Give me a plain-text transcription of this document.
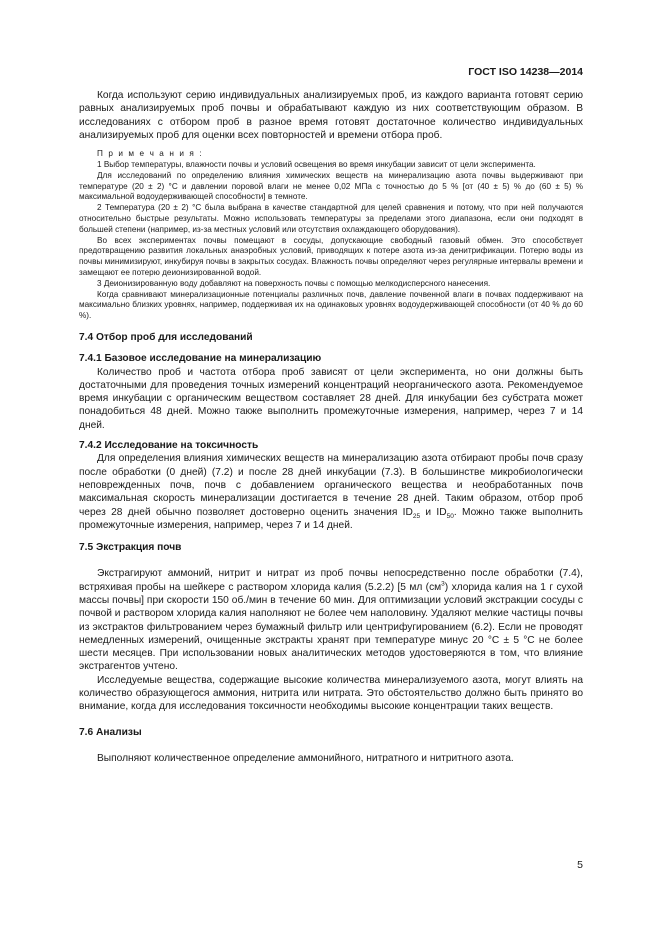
ГОСТ ISO 14238—2014

Когда используют серию индивидуальных анализируемых проб, из каждого варианта готовят серию равных анализируемых проб почвы и обрабатывают каждую из них соответствующим образом. В исследованиях с отбором проб в разное время готовят достаточное количество индивидуальных анализируемых проб для оценки всех повторностей и времени отбора проб.

П р и м е ч а н и я :

1 Выбор температуры, влажности почвы и условий освещения во время инкубации зависит от цели эксперимента.

Для исследований по определению влияния химических веществ на минерализацию азота почвы выдерживают при температуре (20 ± 2) °С и давлении поровой влаги не менее 0,02 МПа с точностью до 5 % [от (40 ± 5) % до (60 ± 5) % максимальной водоудерживающей способности] в темноте.

2 Температура (20 ± 2) °С была выбрана в качестве стандартной для целей сравнения и потому, что при ней получаются относительно быстрые результаты. Можно использовать температуры за пределами этого диапазона, если они подходят в большей степени (например, из-за местных условий или отсутствия охлаждающего оборудования).

Во всех экспериментах почвы помещают в сосуды, допускающие свободный газовый обмен. Это способствует предотвращению развития локальных анаэробных условий, приводящих к потере азота из-за денитрификации. Потерю воды из почвы минимизируют, инкубируя почвы в закрытых сосудах. Влажность почвы определяют через регулярные интервалы времени и замещают ее потерю деионизированной водой.

3 Деионизированную воду добавляют на поверхность почвы с помощью мелкодисперсного нанесения.

Когда сравнивают минерализационные потенциалы различных почв, давление почвенной влаги в почвах поддерживают на максимально близких уровнях, например, поддерживая их на одинаковых уровнях водоудерживающей способности (от 40 % до 60 %).

7.4 Отбор проб для исследований
7.4.1 Базовое исследование на минерализацию

Количество проб и частота отбора проб зависят от цели эксперимента, но они должны быть достаточными для проведения точных измерений концентраций неорганического азота. Рекомендуемое время инкубации с органическим веществом составляет 28 дней. Для инкубации без субстрата может понадобиться 48 дней. Можно также выполнить промежуточные измерения, например, через 7 и 14 дней.

7.4.2 Исследование на токсичность

Для определения влияния химических веществ на минерализацию азота отбирают пробы почв сразу после обработки (0 дней) (7.2) и после 28 дней инкубации (7.3). В большинстве микробиологически неповрежденных почв, почв с добавлением органического вещества и необработанных почв максимальная скорость минерализации достигается в течение 28 дней. Таким образом, отбор проб через 28 дней обычно позволяет достоверно оценить значения $ID_{25}$ и $ID_{50}$. Можно также выполнить промежуточные измерения, например, через 7 и 14 дней.

7.5 Экстракция почв

Экстрагируют аммоний, нитрит и нитрат из проб почвы непосредственно после обработки (7.4), встряхивая пробы на шейкере с раствором хлорида калия (5.2.2) [5 мл $(см^3)$ хлорида калия на 1 г сухой массы почвы] при скорости 150 об./мин в течение 60 мин. Для оптимизации условий экстракции сосуды с почвой и раствором хлорида калия наполняют не более чем наполовину. Удаляют мелкие частицы почвы из экстрактов фильтрованием через бумажный фильтр или центрифугированием (6.2). Если не проводят немедленных измерений, очищенные экстракты хранят при температуре минус 20 °С ± 5 °С не более шести месяцев. При использовании новых аналитических методов удостоверяются в том, что влияние экстрагентов учтено.

Исследуемые вещества, содержащие высокие количества минерализуемого азота, могут влиять на количество образующегося аммония, нитрита или нитрата. Это обстоятельство должно быть принято во внимание, когда для исследования токсичности необходимы высокие концентрации таких веществ.

7.6 Анализы

Выполняют количественное определение аммонийного, нитратного и нитритного азота.

5
